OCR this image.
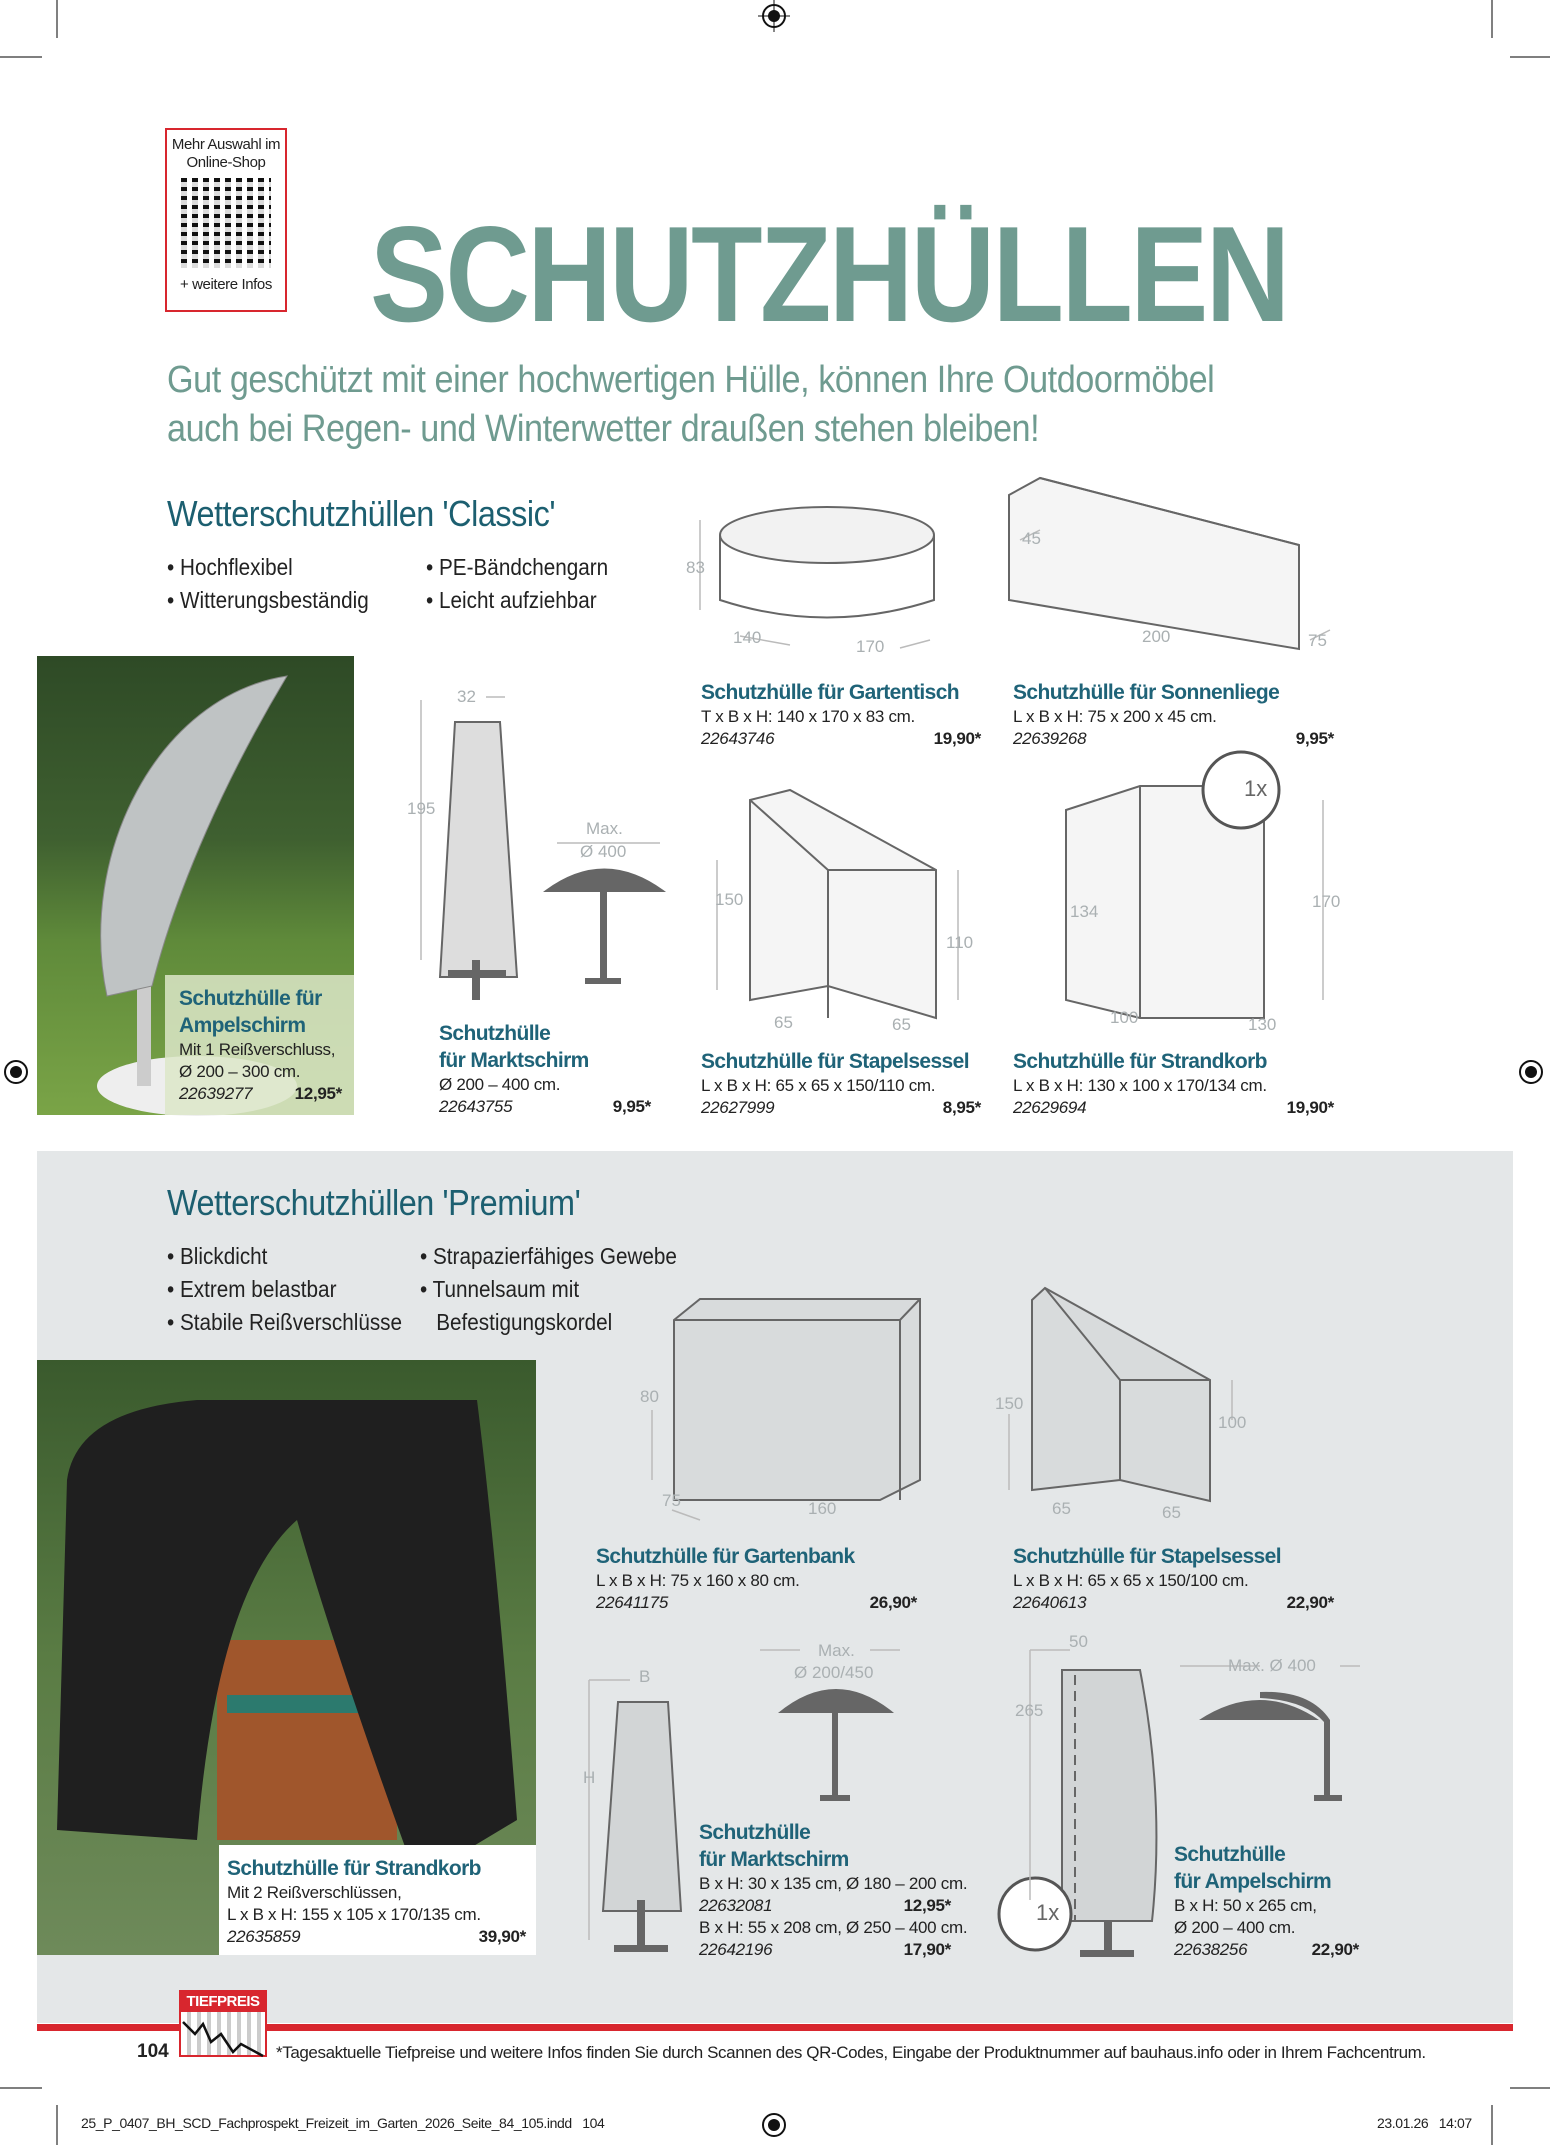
Mehr Auswahl im Online-Shop
+ weitere Infos SCHUTZHÜLLEN
Gut geschützt mit einer hochwertigen Hülle, können Ihre Outdoormöbel
auch bei Regen- und Winterwetter draußen stehen bleiben!
Wetterschutzhüllen 'Classic'
• Hochflexibel
• Witterungsbeständig
• PE-Bändchengarn
• Leicht aufziehbar
Schutzhülle für
Ampelschirm
Mit 1 Reißverschluss,
Ø 200 – 300 cm.
22639277 12,95*
83
140	170
45
200	75
32
195
Max.
Ø 400
150
110
65	65
134
170
100	130
1x
Schutzhülle für Gartentisch
T x B x H: 140 x 170 x 83 cm.
22643746	19,90*
Schutzhülle für Sonnenliege
L x B x H: 75 x 200 x 45 cm.
22639268	9,95*
Schutzhülle
für Marktschirm
Ø 200 – 400 cm.
22643755	9,95*
Schutzhülle für Stapelsessel
L x B x H: 65 x 65 x 150/110 cm.
22627999	8,95*
Schutzhülle für Strandkorb
L x B x H: 130 x 100 x 170/134 cm.
22629694	19,90*
Wetterschutzhüllen 'Premium'
• Blickdicht
• Extrem belastbar
• Stabile Reißverschlüsse
• Strapazierfähiges Gewebe
• Tunnelsaum mit
Befestigungskordel
Schutzhülle für Strandkorb
Mit 2 Reißverschlüssen,
L x B x H: 155 x 105 x 170/135 cm.
22635859	39,90*
80
75	160
150
100
65	65
B
H
Max.
Ø 200/450
50
265
Max. Ø 400
1x
Schutzhülle für Gartenbank
L x B x H: 75 x 160 x 80 cm.
22641175	26,90*
Schutzhülle für Stapelsessel
L x B x H: 65 x 65 x 150/100 cm.
22640613	22,90*
Schutzhülle
für Marktschirm
B x H: 30 x 135 cm, Ø 180 – 200 cm.
22632081	12,95*
B x H: 55 x 208 cm, Ø 250 – 400 cm.
22642196	17,90*
Schutzhülle
für Ampelschirm
B x H: 50 x 265 cm,
Ø 200 – 400 cm.
22638256	22,90*
TIEFPREIS
104	*Tagesaktuelle Tiefpreise und weitere Infos finden Sie durch Scannen des QR-Codes, Eingabe der Produktnummer auf bauhaus.info oder in Ihrem Fachcentrum.
25_P_0407_BH_SCD_Fachprospekt_Freizeit_im_Garten_2026_Seite_84_105.indd   104	23.01.26   14:07
